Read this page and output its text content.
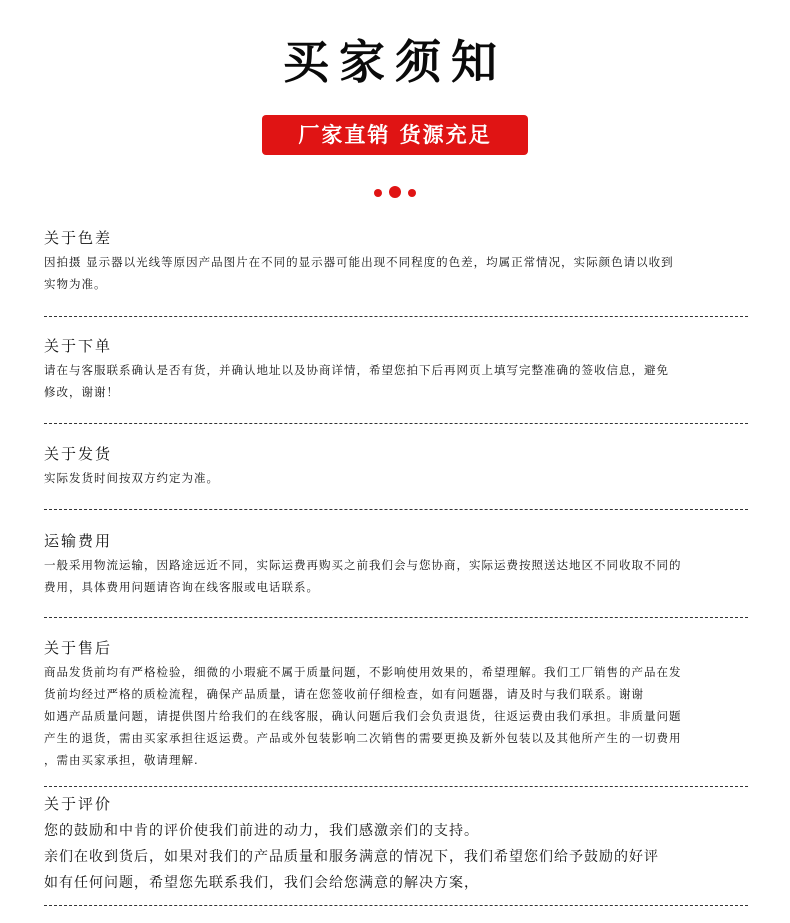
买家须知
厂家直销 货源充足
关于色差

因拍摄 显示器以光线等原因产品图片在不同的显示器可能出现不同程度的色差，均属正常情况，实际颜色请以收到

实物为准。

关于下单

请在与客服联系确认是否有货，并确认地址以及协商详情，希望您拍下后再网页上填写完整准确的签收信息，避免

修改，谢谢！

关于发货

实际发货时间按双方约定为准。

运输费用

一般采用物流运输，因路途远近不同，实际运费再购买之前我们会与您协商，实际运费按照送达地区不同收取不同的

费用，具体费用问题请咨询在线客服或电话联系。

关于售后

商品发货前均有严格检验，细微的小瑕疵不属于质量问题，不影响使用效果的，希望理解。我们工厂销售的产品在发

货前均经过严格的质检流程，确保产品质量，请在您签收前仔细检查，如有问题器，请及时与我们联系。谢谢

如遇产品质量问题，请提供图片给我们的在线客服，确认问题后我们会负责退货，往返运费由我们承担。非质量问题

产生的退货，需由买家承担往返运费。产品或外包装影响二次销售的需要更换及新外包装以及其他所产生的一切费用

，需由买家承担，敬请理解.

关于评价

您的鼓励和中肯的评价使我们前进的动力，我们感激亲们的支持。

亲们在收到货后，如果对我们的产品质量和服务满意的情况下，我们希望您们给予鼓励的好评

如有任何问题，希望您先联系我们，我们会给您满意的解决方案，
